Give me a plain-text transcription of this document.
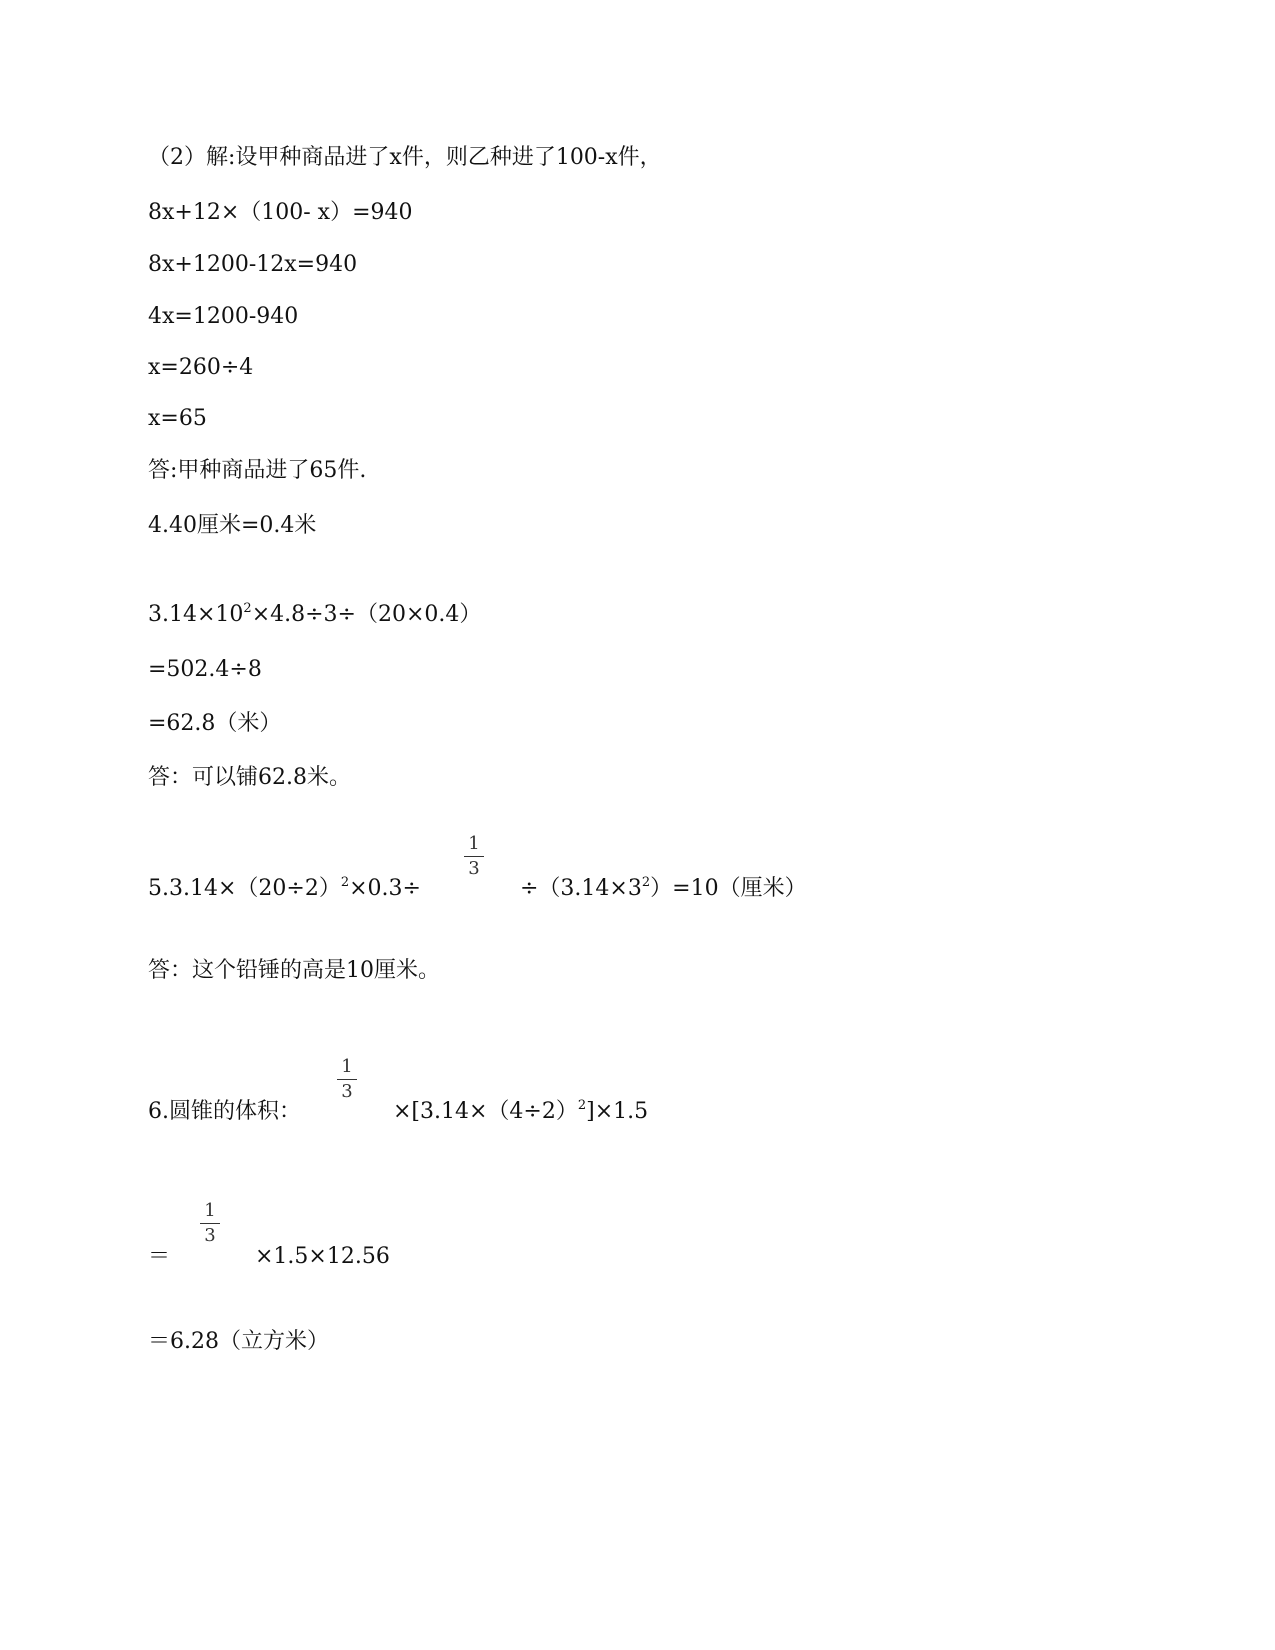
（2）解:设甲种商品进了x件，则乙种进了100-x件，
8x+12×（100- x）=940
8x+1200-12x=940
4x=1200-940
x=260÷4
x=65
答:甲种商品进了65件.
4.40厘米=0.4米
$3.14\times 10^2\times 4.8\div 3\div(20\times 0.4)$
=502.4÷8
=62.8（米）
答：可以铺62.8米。
$5.3.14\times(20\div 2)^2\times 0.3\div$
1
3
$\div(3.14\times 3^2)=10$（厘米）
答：这个铅锤的高是10厘米。
6.圆锥的体积：
1
3
$\times[3.14\times(4\div 2)^2]\times 1.5$
＝
1
3
×1.5×12.56
＝6.28（立方米）
